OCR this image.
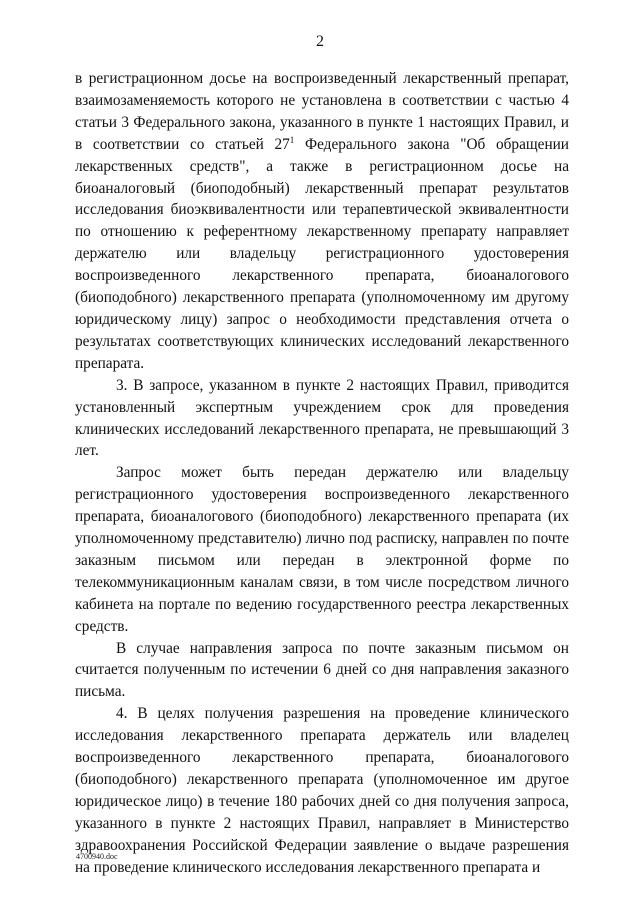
2

в регистрационном досье на воспроизведенный лекарственный препарат, взаимозаменяемость которого не установлена в соответствии с частью 4 статьи 3 Федерального закона, указанного в пункте 1 настоящих Правил, и в соответствии со статьей $27^1$ Федерального закона "Об обращении лекарственных средств", а также в регистрационном досье на биоаналоговый (биоподобный) лекарственный препарат результатов исследования биоэквивалентности или терапевтической эквивалентности по отношению к референтному лекарственному препарату направляет держателю или владельцу регистрационного удостоверения воспроизведенного лекарственного препарата, биоаналогового (биоподобного) лекарственного препарата (уполномоченному им другому юридическому лицу) запрос о необходимости представления отчета о результатах соответствующих клинических исследований лекарственного препарата.

3. В запросе, указанном в пункте 2 настоящих Правил, приводится установленный экспертным учреждением срок для проведения клинических исследований лекарственного препарата, не превышающий 3 лет.

Запрос может быть передан держателю или владельцу регистрационного удостоверения воспроизведенного лекарственного препарата, биоаналогового (биоподобного) лекарственного препарата (их уполномоченному представителю) лично под расписку, направлен по почте заказным письмом или передан в электронной форме по телекоммуникационным каналам связи, в том числе посредством личного кабинета на портале по ведению государственного реестра лекарственных средств.

В случае направления запроса по почте заказным письмом он считается полученным по истечении 6 дней со дня направления заказного письма.

4. В целях получения разрешения на проведение клинического исследования лекарственного препарата держатель или владелец воспроизведенного лекарственного препарата, биоаналогового (биоподобного) лекарственного препарата (уполномоченное им другое юридическое лицо) в течение 180 рабочих дней со дня получения запроса, указанного в пункте 2 настоящих Правил, направляет в Министерство здравоохранения Российской Федерации заявление о выдаче разрешения на проведение клинического исследования лекарственного препарата и

4700940.doc
